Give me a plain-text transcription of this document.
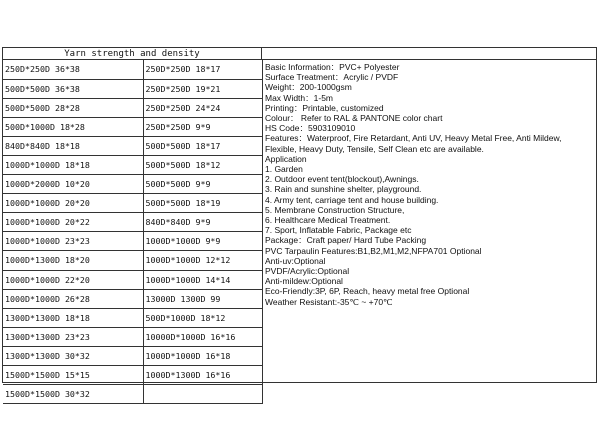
Yarn strength and density
250D*250D 36*38	250D*250D 18*17
500D*500D 36*38	250D*250D 19*21
500D*500D 28*28	250D*250D 24*24
500D*1000D 18*28	250D*250D 9*9
840D*840D 18*18	500D*500D 18*17
1000D*1000D 18*18	500D*500D 18*12
1000D*2000D 10*20	500D*500D 9*9
1000D*1000D 20*20	500D*500D 18*19
1000D*1000D 20*22	840D*840D 9*9
1000D*1000D 23*23	1000D*1000D 9*9
1000D*1300D 18*20	1000D*1000D 12*12
1000D*1000D 22*20	1000D*1000D 14*14
1000D*1000D 26*28	13000D 1300D 99
1300D*1300D 18*18	500D*1000D 18*12
1300D*1300D 23*23	10000D*1000D 16*16
1300D*1300D 30*32	1000D*1000D 16*18
1500D*1500D 15*15	1000D*1300D 16*16
1500D*1500D 30*32	
Basic Information：PVC+ Polyester
Surface Treatment：Acrylic / PVDF
Weight：200-1000gsm
Max Width：1-5m
Printing：Printable, customized
Colour： Refer to RAL & PANTONE color chart
HS Code：5903109010
Features：Waterproof, Fire Retardant, Anti UV, Heavy Metal Free, Anti Mildew, Flexible, Heavy Duty, Tensile, Self Clean etc are available.
Application
1. Garden
2. Outdoor event tent(blockout),Awnings.
3. Rain and sunshine shelter, playground.
4. Army tent, carriage tent and house building.
5. Membrane Construction Structure,
6. Healthcare Medical Treatment.
7. Sport, Inflatable Fabric, Package etc
Package：Craft paper/ Hard Tube Packing
PVC Tarpaulin Features:B1,B2,M1,M2,NFPA701 Optional
Anti-uv:Optional
PVDF/Acrylic:Optional
Anti-mildew:Optional
Eco-Friendly:3P, 6P, Reach, heavy metal free Optional
Weather Resistant:-35℃ ~ +70℃
